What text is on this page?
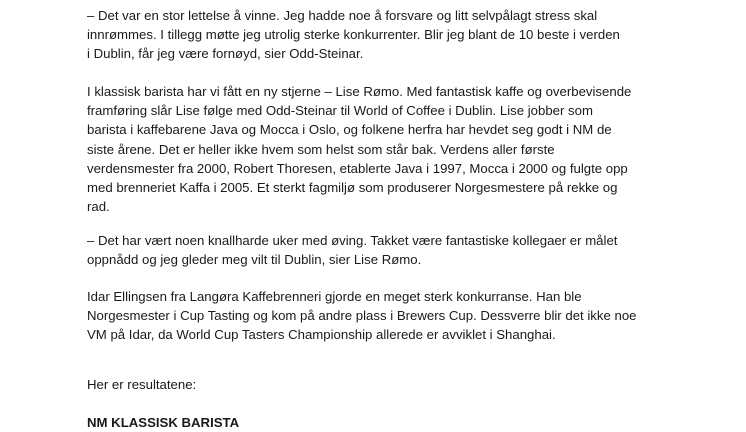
– Det var en stor lettelse å vinne. Jeg hadde noe å forsvare og litt selvpålagt stress skal
innrømmes. I tillegg møtte jeg utrolig sterke konkurrenter. Blir jeg blant de 10 beste i verden
i Dublin, får jeg være fornøyd, sier Odd-Steinar.

I klassisk barista har vi fått en ny stjerne – Lise Rømo. Med fantastisk kaffe og overbevisende
framføring slår Lise følge med Odd-Steinar til World of Coffee i Dublin. Lise jobber som
barista i kaffebarene Java og Mocca i Oslo, og folkene herfra har hevdet seg godt i NM de
siste årene. Det er heller ikke hvem som helst som står bak. Verdens aller første
verdensmester fra 2000, Robert Thoresen, etablerte Java i 1997, Mocca i 2000 og fulgte opp
med brenneriet Kaffa i 2005. Et sterkt fagmiljø som produserer Norgesmestere på rekke og
rad.

– Det har vært noen knallharde uker med øving. Takket være fantastiske kollegaer er målet
oppnådd og jeg gleder meg vilt til Dublin, sier Lise Rømo.

Idar Ellingsen fra Langøra Kaffebrenneri gjorde en meget sterk konkurranse. Han ble
Norgesmester i Cup Tasting og kom på andre plass i Brewers Cup. Dessverre blir det ikke noe
VM på Idar, da World Cup Tasters Championship allerede er avviklet i Shanghai.

Her er resultatene:

NM KLASSISK BARISTA
